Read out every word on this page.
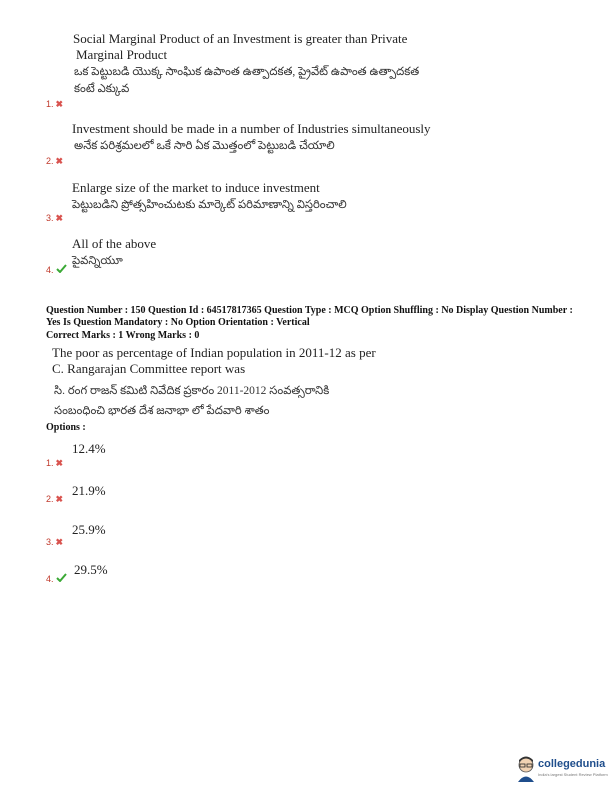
Social Marginal Product of an Investment is greater than Private
Marginal Product
ఒక పెట్టుబడి యొక్క సాంఘిక ఉపాంత ఉత్పాదకత, ప్రైవేట్ ఉపాంత ఉత్పాదకత
కంటే ఎక్కువ
1. ✖
Investment should be made in a number of Industries simultaneously
అనేక పరిశ్రమలలో ఒకే సారి ఏక మొత్తంలో పెట్టుబడి చేయాలి
2. ✖
Enlarge size of the market to induce investment
పెట్టుబడిని ప్రోత్సహించుటకు మార్కెట్ పరిమాణాన్ని విస్తరించాలి
3. ✖
All of the above
పైవన్నియూ
4.
Question Number : 150 Question Id : 64517817365 Question Type : MCQ Option Shuffling : No Display Question Number :
Yes Is Question Mandatory : No Option Orientation : Vertical
Correct Marks : 1 Wrong Marks : 0
The poor as percentage of Indian population in 2011-12 as per
C. Rangarajan Committee report was
సి. రంగ రాజన్ కమిటి నివేదిక ప్రకారం 2011-2012 సంవత్సరానికి
సంబంధించి భారత దేశ జనాభా లో పేదవారి శాతం
Options :
12.4%
1. ✖
21.9%
2. ✖
25.9%
3. ✖
29.5%
4.
collegedunia
India's largest Student Review Platform
